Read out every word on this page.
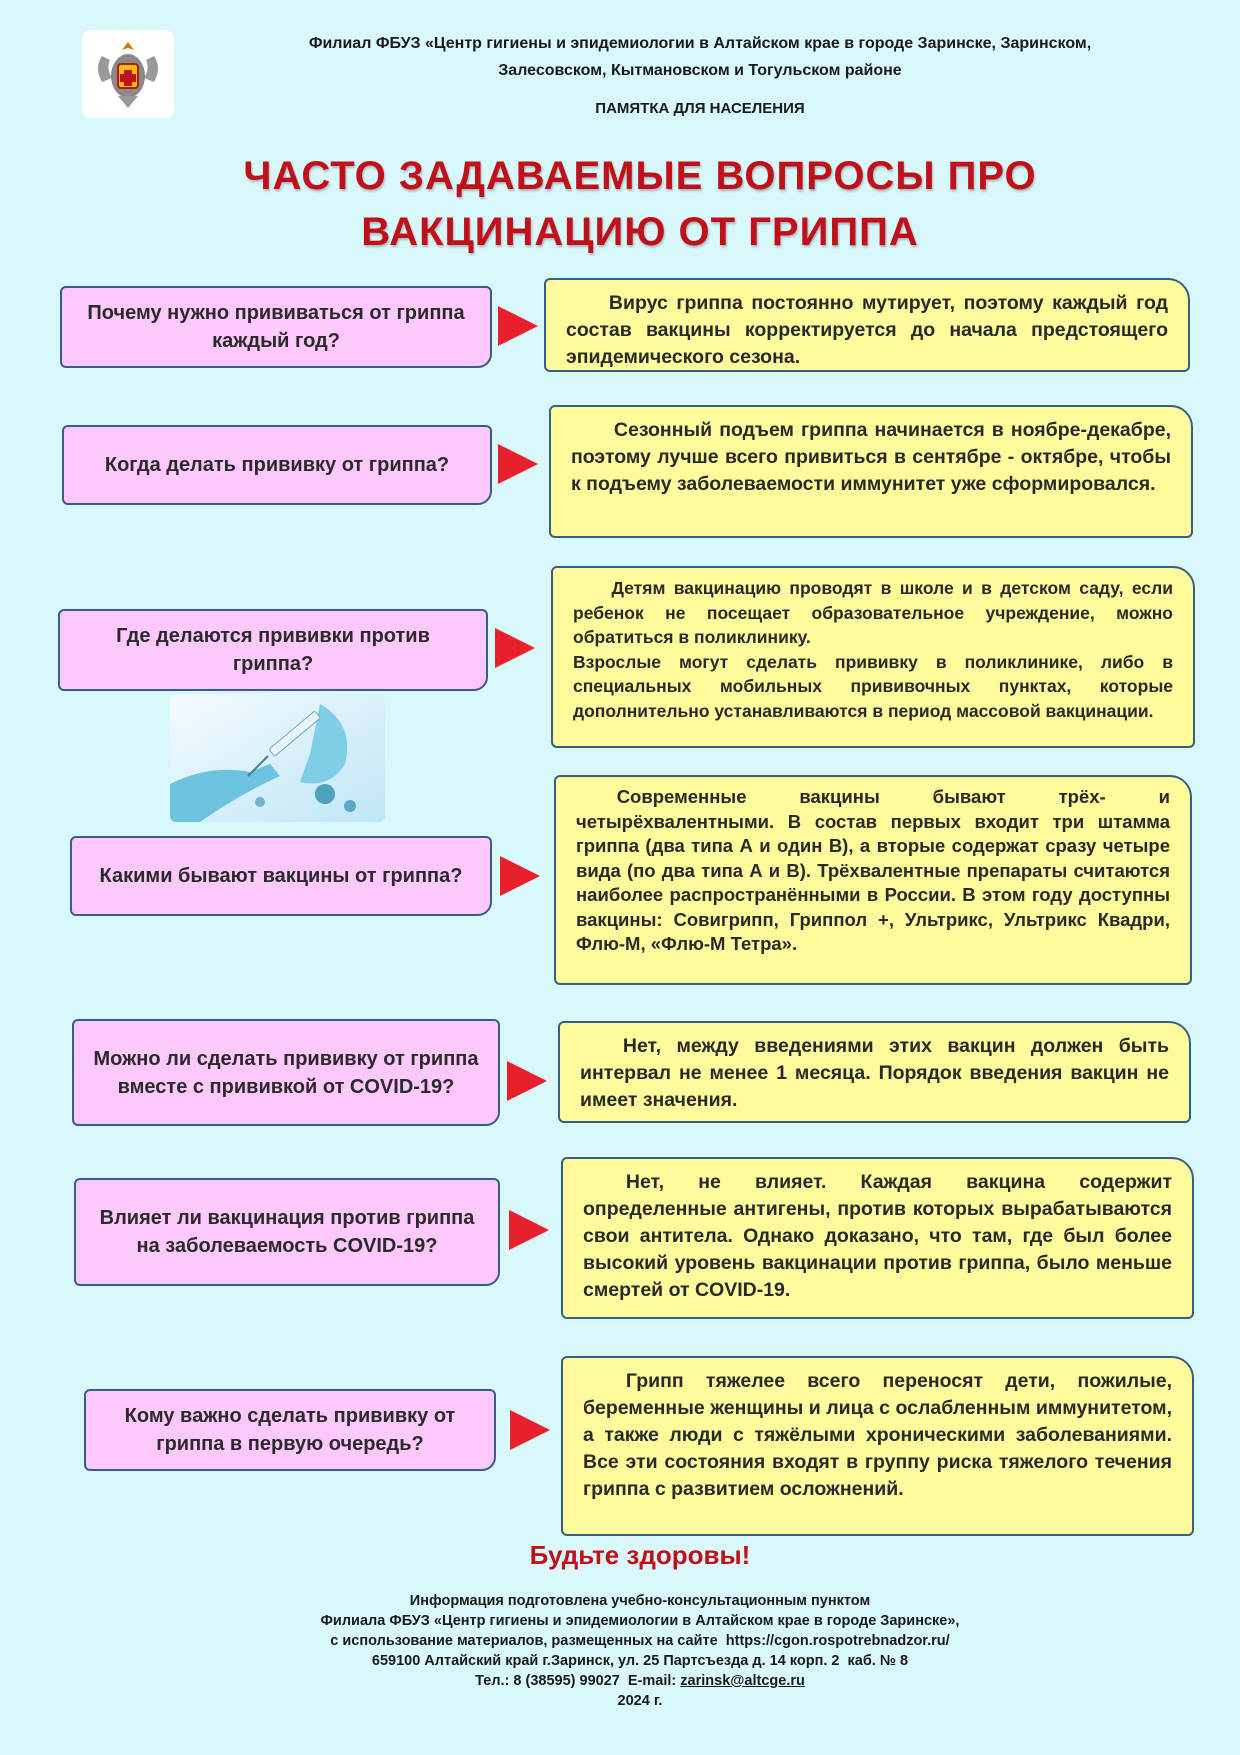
Филиал ФБУЗ «Центр гигиены и эпидемиологии в Алтайском крае в городе Заринске, Заринском,
Залесовском, Кытмановском и Тогульском районе
ПАМЯТКА ДЛЯ НАСЕЛЕНИЯ
ЧАСТО ЗАДАВАЕМЫЕ ВОПРОСЫ ПРО
ВАКЦИНАЦИЮ ОТ ГРИППА
Почему нужно прививаться от гриппа каждый год?
Вирус гриппа постоянно мутирует, поэтому каждый год состав вакцины корректируется до начала предстоящего эпидемического сезона.
Когда делать прививку от гриппа?
Сезонный подъем гриппа начинается в ноябре-декабре, поэтому лучше всего привиться в сентябре - октябре, чтобы к подъему заболеваемости иммунитет уже сформировался.
Где делаются прививки против гриппа?
Детям вакцинацию проводят в школе и в детском саду, если ребенок не посещает образовательное учреждение, можно обратиться в поликлинику.
Взрослые могут сделать прививку в поликлинике, либо в специальных мобильных прививочных пунктах, которые дополнительно устанавливаются в период массовой вакцинации.
Какими бывают вакцины от гриппа?
Современные вакцины бывают трёх- и четырёхвалентными. В состав первых входит три штамма гриппа (два типа А и один В), а вторые содержат сразу четыре вида (по два типа А и В). Трёхвалентные препараты считаются наиболее распространёнными в России. В этом году доступны вакцины: Совигрипп, Гриппол +, Ультрикс, Ультрикс Квадри, Флю-М, «Флю-М Тетра».
Можно ли сделать прививку от гриппа вместе с прививкой от COVID-19?
Нет, между введениями этих вакцин должен быть интервал не менее 1 месяца. Порядок введения вакцин не имеет значения.
Влияет ли вакцинация против гриппа на заболеваемость COVID-19?
Нет, не влияет. Каждая вакцина содержит определенные антигены, против которых вырабатываются свои антитела. Однако доказано, что там, где был более высокий уровень вакцинации против гриппа, было меньше смертей от COVID-19.
Кому важно сделать прививку от гриппа в первую очередь?
Грипп тяжелее всего переносят дети, пожилые, беременные женщины и лица с ослабленным иммунитетом, а также люди с тяжёлыми хроническими заболеваниями. Все эти состояния входят в группу риска тяжелого течения гриппа с развитием осложнений.
Будьте здоровы!
Информация подготовлена учебно-консультационным пунктом
Филиала ФБУЗ «Центр гигиены и эпидемиологии в Алтайском крае в городе Заринске»,
с использование материалов, размещенных на сайте  https://cgon.rospotrebnadzor.ru/
659100 Алтайский край г.Заринск, ул. 25 Партсъезда д. 14 корп. 2  каб. № 8
Тел.: 8 (38595) 99027  E-mail: zarinsk@altcge.ru
2024 г.
